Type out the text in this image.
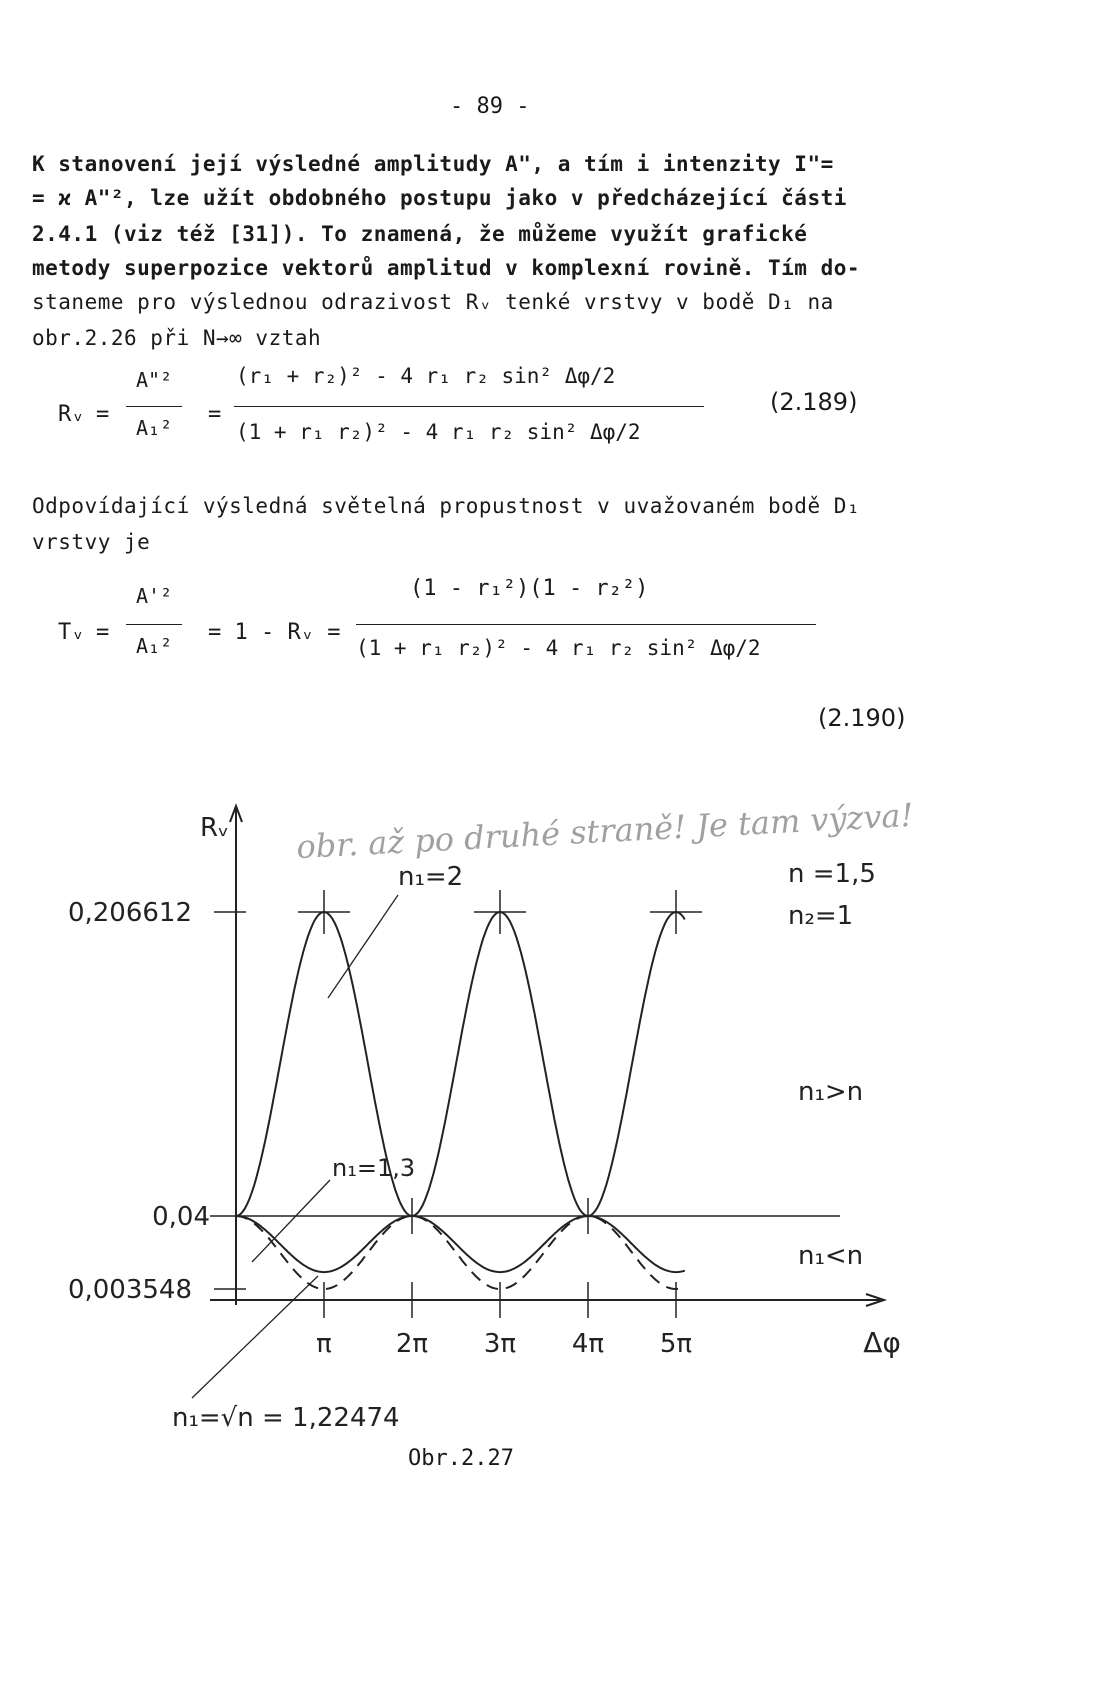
- 89 -
K stanovení její výsledné amplitudy A", a tím i intenzity I"=
= ϰ A"², lze užít obdobného postupu jako v předcházející části
2.4.1 (viz též [31]). To znamená, že můžeme využít grafické
metody superpozice vektorů amplitud v komplexní rovině. Tím do-
staneme pro výslednou odrazivost Rᵥ tenké vrstvy v bodě D₁ na
obr.2.26 při N→∞ vztah
Rᵥ =
A"²
A₁²
=
(r₁ + r₂)² - 4 r₁ r₂ sin² Δφ/2
(1 + r₁ r₂)² - 4 r₁ r₂ sin² Δφ/2
(2.189)
Odpovídající výsledná světelná propustnost v uvažovaném bodě D₁
vrstvy je
Tᵥ =
A'²
A₁²
= 1 - Rᵥ =
(1 - r₁²)(1 - r₂²)
(1 + r₁ r₂)² - 4 r₁ r₂ sin² Δφ/2
(2.190)
obr. až po druhé straně! Je tam výzva!
0,206612
0,04
0,003548
Rᵥ
π 2π 3π 4π 5π	Δφ
n₁=2
n₁=1,3
n₁=√n = 1,22474
n =1,5
n₂=1
n₁>n
n₁<n
Obr.2.27
